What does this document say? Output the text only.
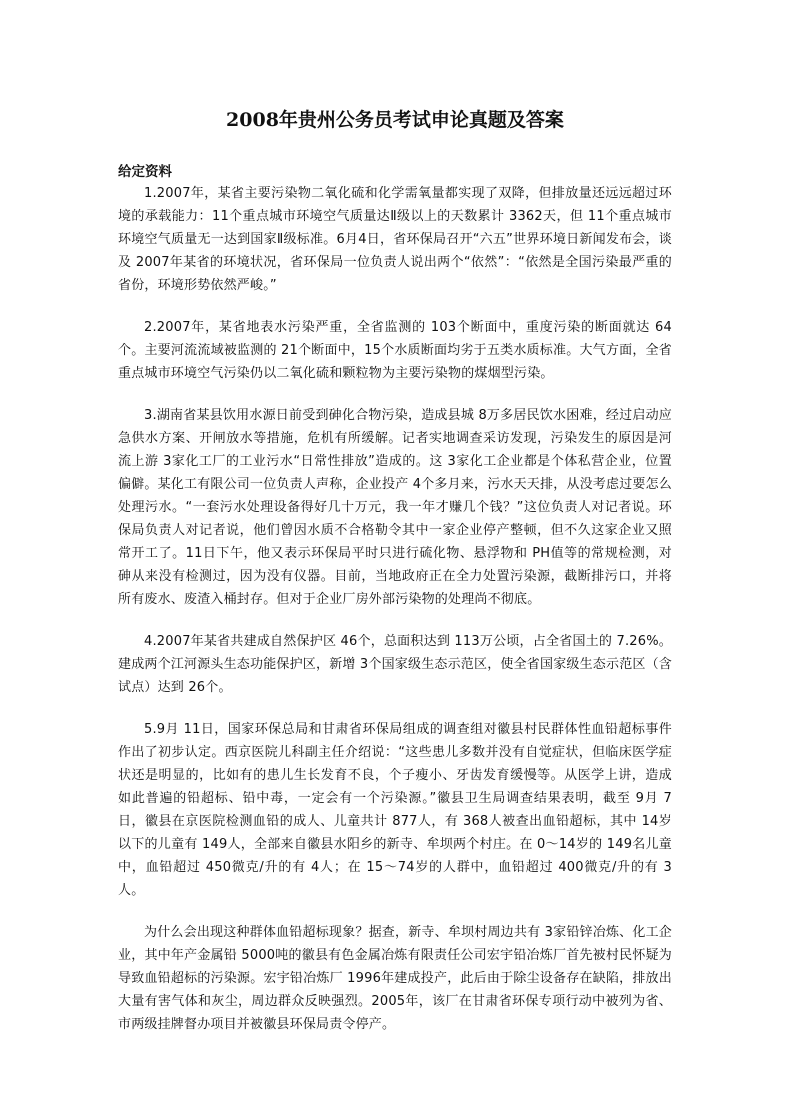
2008年贵州公务员考试申论真题及答案
给定资料

1.2007年，某省主要污染物二氧化硫和化学需氧量都实现了双降，但排放量还远远超过环境的承载能力：11个重点城市环境空气质量达Ⅱ级以上的天数累计 3362天，但 11个重点城市环境空气质量无一达到国家Ⅱ级标准。6月4日，省环保局召开“六五”世界环境日新闻发布会，谈及 2007年某省的环境状况，省环保局一位负责人说出两个“依然”：“依然是全国污染最严重的省份，环境形势依然严峻。”

2.2007年，某省地表水污染严重，全省监测的 103个断面中，重度污染的断面就达 64个。主要河流流域被监测的 21个断面中，15个水质断面均劣于五类水质标准。大气方面，全省重点城市环境空气污染仍以二氧化硫和颗粒物为主要污染物的煤烟型污染。

3.湖南省某县饮用水源日前受到砷化合物污染，造成县城 8万多居民饮水困难，经过启动应急供水方案、开闸放水等措施，危机有所缓解。记者实地调查采访发现，污染发生的原因是河流上游 3家化工厂的工业污水“日常性排放”造成的。这 3家化工企业都是个体私营企业，位置偏僻。某化工有限公司一位负责人声称，企业投产 4个多月来，污水天天排，从没考虑过要怎么处理污水。“一套污水处理设备得好几十万元，我一年才赚几个钱？”这位负责人对记者说。环保局负责人对记者说，他们曾因水质不合格勒令其中一家企业停产整顿，但不久这家企业又照常开工了。11日下午，他又表示环保局平时只进行硫化物、悬浮物和 PH值等的常规检测，对砷从来没有检测过，因为没有仪器。目前，当地政府正在全力处置污染源，截断排污口，并将所有废水、废渣入桶封存。但对于企业厂房外部污染物的处理尚不彻底。

4.2007年某省共建成自然保护区 46个，总面积达到 113万公顷，占全省国土的 7.26%。建成两个江河源头生态功能保护区，新增 3个国家级生态示范区，使全省国家级生态示范区（含试点）达到 26个。

5.9月 11日，国家环保总局和甘肃省环保局组成的调查组对徽县村民群体性血铅超标事件作出了初步认定。西京医院儿科副主任介绍说：“这些患儿多数并没有自觉症状，但临床医学症状还是明显的，比如有的患儿生长发育不良，个子瘦小、牙齿发育缓慢等。从医学上讲，造成如此普遍的铅超标、铅中毒，一定会有一个污染源。”徽县卫生局调查结果表明，截至 9月 7日，徽县在京医院检测血铅的成人、儿童共计 877人，有 368人被查出血铅超标，其中 14岁以下的儿童有 149人，全部来自徽县水阳乡的新寺、牟坝两个村庄。在 0～14岁的 149名儿童中，血铅超过 450微克/升的有 4人；在 15～74岁的人群中，血铅超过 400微克/升的有 3人。

为什么会出现这种群体血铅超标现象？据查，新寺、牟坝村周边共有 3家铅锌冶炼、化工企业，其中年产金属铅 5000吨的徽县有色金属冶炼有限责任公司宏宇铅冶炼厂首先被村民怀疑为导致血铅超标的污染源。宏宇铅冶炼厂 1996年建成投产，此后由于除尘设备存在缺陷，排放出大量有害气体和灰尘，周边群众反映强烈。2005年，该厂在甘肃省环保专项行动中被列为省、市两级挂牌督办项目并被徽县环保局责令停产。
